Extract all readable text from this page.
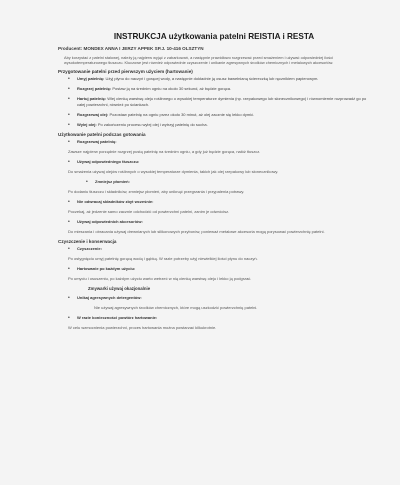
INSTRUKCJA użytkowania patelni REISTIA i RESTA
Producent: MONDEX ANNA I JERZY APPEK SP.J. 10-416 OLSZTYN
Aby korzystać z patelni stalowej, należy ją najpierw wyjąć z zabarkowań, a następnie prawidłowo rozgrzewać przed smażeniem i używać odpowiedniej ilości wysokotemperaturowego tłuszczu. Kluczowe jest również odpowiednie czyszczenie i unikanie agresywnych środków chemicznych i metalowych akcesoriów.
Przygotowanie patelni przed pierwszym użyciem (hartowanie)
•	Umyj patelnię: Użyj płynu do naczyń i gorącej wody, a następnie dokładnie ją osusz bawełnianą ściereczką lub ręcznikiem papierowym.
•	Rozgrzej patelnię: Postaw ją na średnim ogniu na około 30 sekund, aż będzie gorąca.
•	Hartuj patelnię: Wlej cienką warstwę oleju roślinnego o wysokiej temperaturze dymienia (np. rzepakowego lub słonecznikowego) i równomiernie rozprowadź go po całej powierzchni, również po ściankach.
•	Rozgrzewaj olej: Pozostaw patelnię na ogniu przez około 30 minut, aż olej zacznie się lekko dymić.
•	Wylej olej: Po zakończeniu procesu wylej olej i wytrzyj patelnię do sucha.
Użytkowanie patelni podczas gotowania
•	Rozgrzewaj patelnię:
Zawsze najpierw porządnie rozgrzej pustą patelnię na średnim ogniu, a gdy już będzie gorąca, nałóż tłuszcz.
•	Używaj odpowiedniego tłuszczu:
Do smażenia używaj olejów roślinnych o wysokiej temperaturze dymienia, takich jak olej rzepakowy lub słonecznikowy.
•	Zmniejsz płomień:
Po dodaniu tłuszczu i składników, zmniejsz płomień, aby uniknąć przegrzania i przypalenia potrawy.
•	Nie odwracaj składników zbyt wcześnie:
Poczekaj, aż jedzenie samo zacznie odchodzić od powierzchni patelni, zanim je odwrócisz.
•	Używaj odpowiednich akcesoriów:
Do mieszania i obracania używaj drewnianych lub silikonowych przyborów, ponieważ metalowe akcesoria mogą porysować powierzchnię patelni.
Czyszczenie i konserwacja
•	Czyszczenie:
Po ostygnięciu umyj patelnię gorącą wodą i gąbką. W razie potrzeby użyj niewielkiej ilości płynu do naczyń.
•	Hartowanie po każdym użyciu:
Po umyciu i osuszeniu, po każdym użyciu warto wetrzeć w nią cienką warstwę oleju i lekko ją podgrzać.
Zmywarki używaj okazjonalnie
•	Unikaj agresywnych detergentów:
Nie używaj agresywnych środków chemicznych, które mogą uszkodzić powierzchnię patelni.
•	W razie konieczności powtórz hartowanie:
W celu wzmocnienia powierzchni, proces hartowania można powtarzać kilkukrotnie.
